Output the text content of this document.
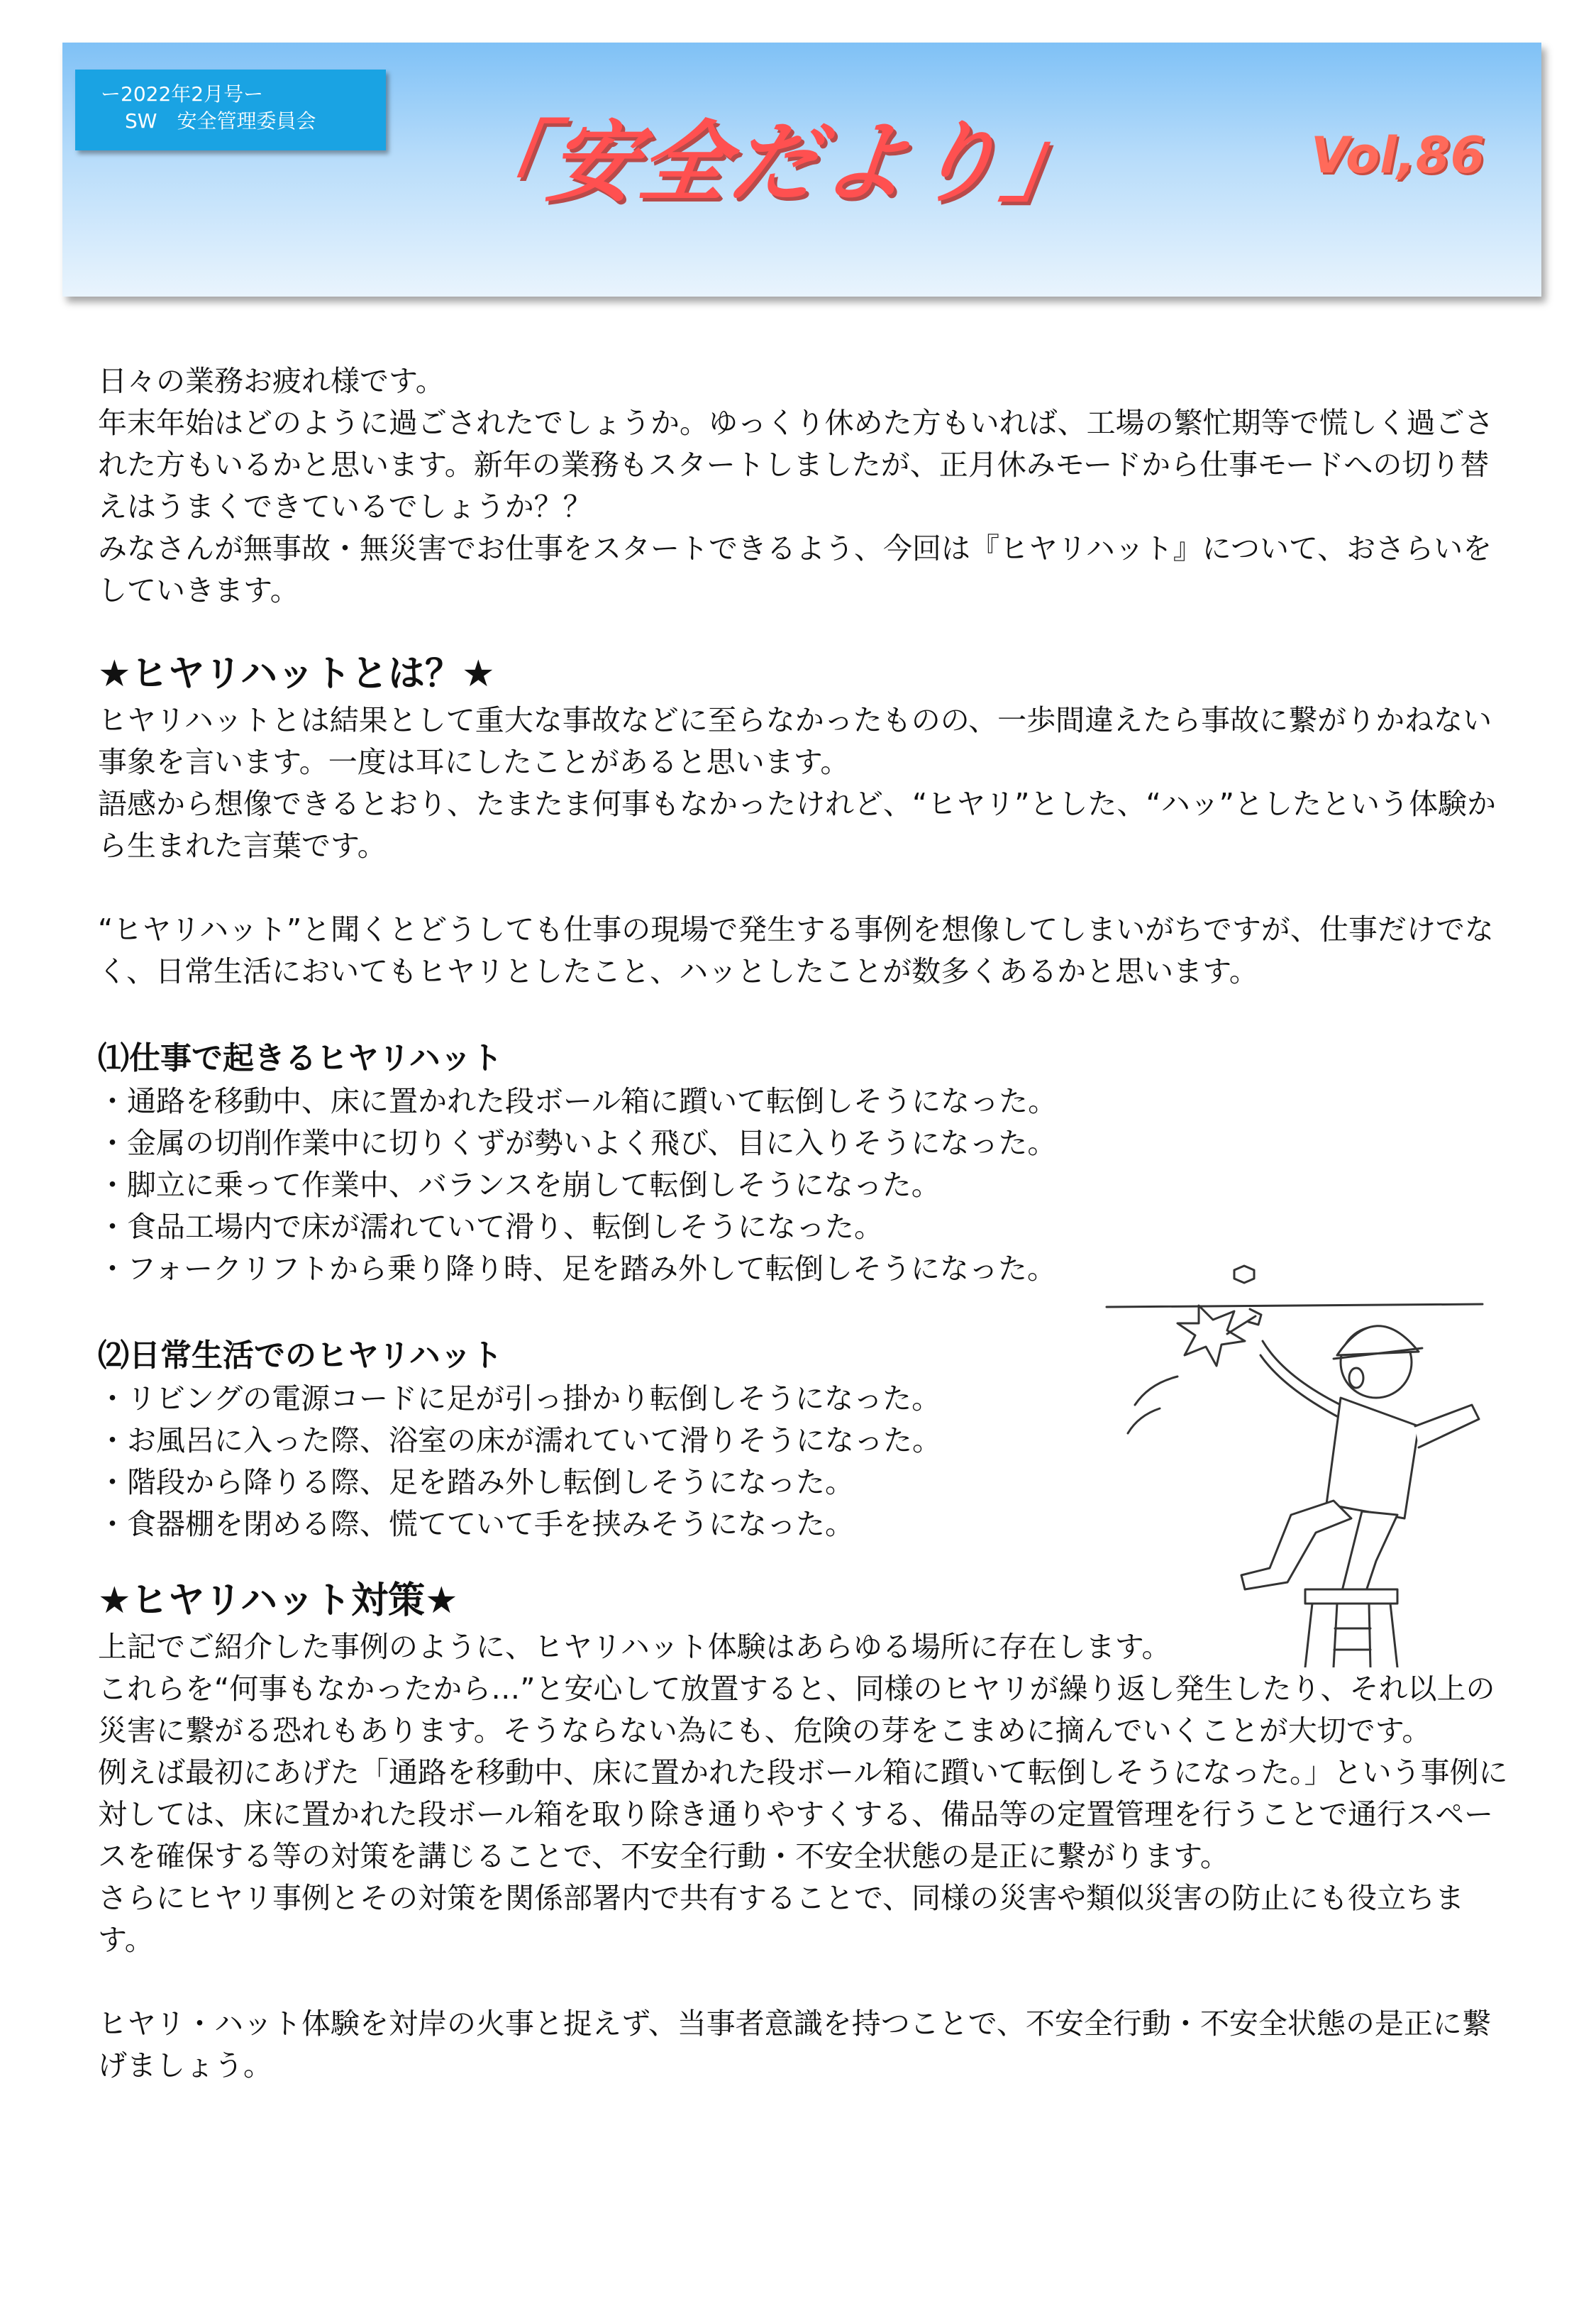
ー2022年2月号ー
SW　安全管理委員会	「安全だより」	Vol,86

日々の業務お疲れ様です。

年末年始はどのように過ごされたでしょうか。ゆっくり休めた方もいれば、工場の繁忙期等で慌しく過ごされた方もいるかと思います。新年の業務もスタートしましたが、正月休みモードから仕事モードへの切り替えはうまくできているでしょうか？？

みなさんが無事故・無災害でお仕事をスタートできるよう、今回は『ヒヤリハット』について、おさらいをしていきます。

★ヒヤリハットとは？★

ヒヤリハットとは結果として重大な事故などに至らなかったものの、一歩間違えたら事故に繋がりかねない事象を言います。一度は耳にしたことがあると思います。

語感から想像できるとおり、たまたま何事もなかったけれど、“ヒヤリ”とした、“ハッ”としたという体験から生まれた言葉です。

“ヒヤリハット”と聞くとどうしても仕事の現場で発生する事例を想像してしまいがちですが、仕事だけでなく、日常生活においてもヒヤリとしたこと、ハッとしたことが数多くあるかと思います。

⑴仕事で起きるヒヤリハット
・通路を移動中、床に置かれた段ボール箱に躓いて転倒しそうになった。
・金属の切削作業中に切りくずが勢いよく飛び、目に入りそうになった。
・脚立に乗って作業中、バランスを崩して転倒しそうになった。
・食品工場内で床が濡れていて滑り、転倒しそうになった。
・フォークリフトから乗り降り時、足を踏み外して転倒しそうになった。
⑵日常生活でのヒヤリハット
・リビングの電源コードに足が引っ掛かり転倒しそうになった。
・お風呂に入った際、浴室の床が濡れていて滑りそうになった。
・階段から降りる際、足を踏み外し転倒しそうになった。
・食器棚を閉める際、慌てていて手を挟みそうになった。
★ヒヤリハット対策★

上記でご紹介した事例のように、ヒヤリハット体験はあらゆる場所に存在します。

これらを“何事もなかったから…”と安心して放置すると、同様のヒヤリが繰り返し発生したり、それ以上の災害に繋がる恐れもあります。そうならない為にも、危険の芽をこまめに摘んでいくことが大切です。

例えば最初にあげた「通路を移動中、床に置かれた段ボール箱に躓いて転倒しそうになった。」という事例に対しては、床に置かれた段ボール箱を取り除き通りやすくする、備品等の定置管理を行うことで通行スペースを確保する等の対策を講じることで、不安全行動・不安全状態の是正に繋がります。

さらにヒヤリ事例とその対策を関係部署内で共有することで、同様の災害や類似災害の防止にも役立ちます。

ヒヤリ・ハット体験を対岸の火事と捉えず、当事者意識を持つことで、不安全行動・不安全状態の是正に繋げましょう。
